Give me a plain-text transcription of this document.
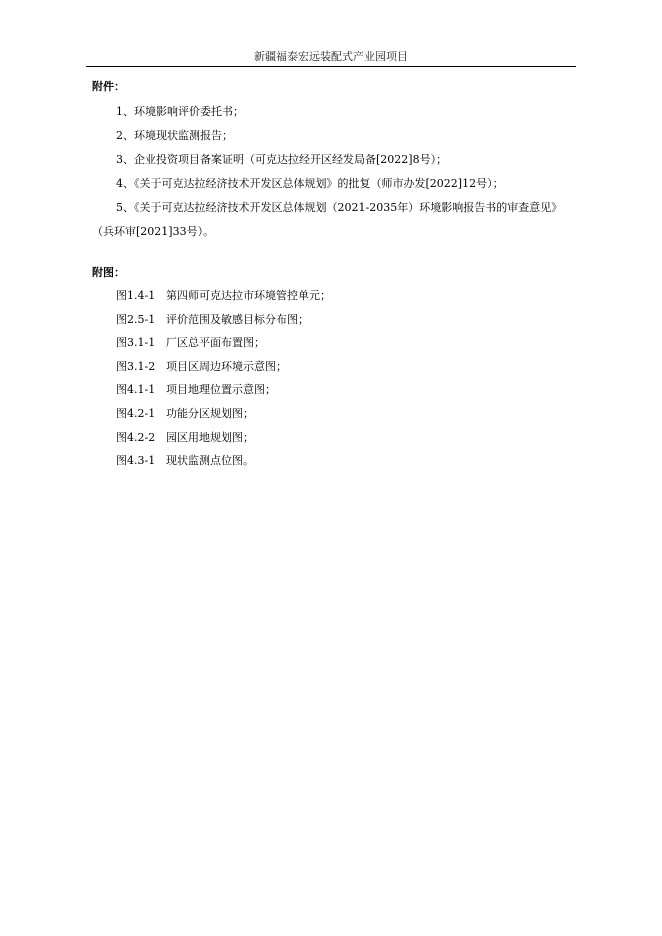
新疆福泰宏远装配式产业园项目

附件：

1、环境影响评价委托书；
2、环境现状监测报告；
3、企业投资项目备案证明（可克达拉经开区经发局备[2022]8号）；
4、《关于可克达拉经济技术开发区总体规划》的批复（师市办发[2022]12号）；
5、《关于可克达拉经济技术开发区总体规划（2021-2035年）环境影响报告书的审查意见》（兵环审[2021]33号）。

附图：

图1.4-1 第四师可克达拉市环境管控单元；
图2.5-1 评价范围及敏感目标分布图；
图3.1-1 厂区总平面布置图；
图3.1-2 项目区周边环境示意图；
图4.1-1 项目地理位置示意图；
图4.2-1 功能分区规划图；
图4.2-2 园区用地规划图；
图4.3-1 现状监测点位图。
